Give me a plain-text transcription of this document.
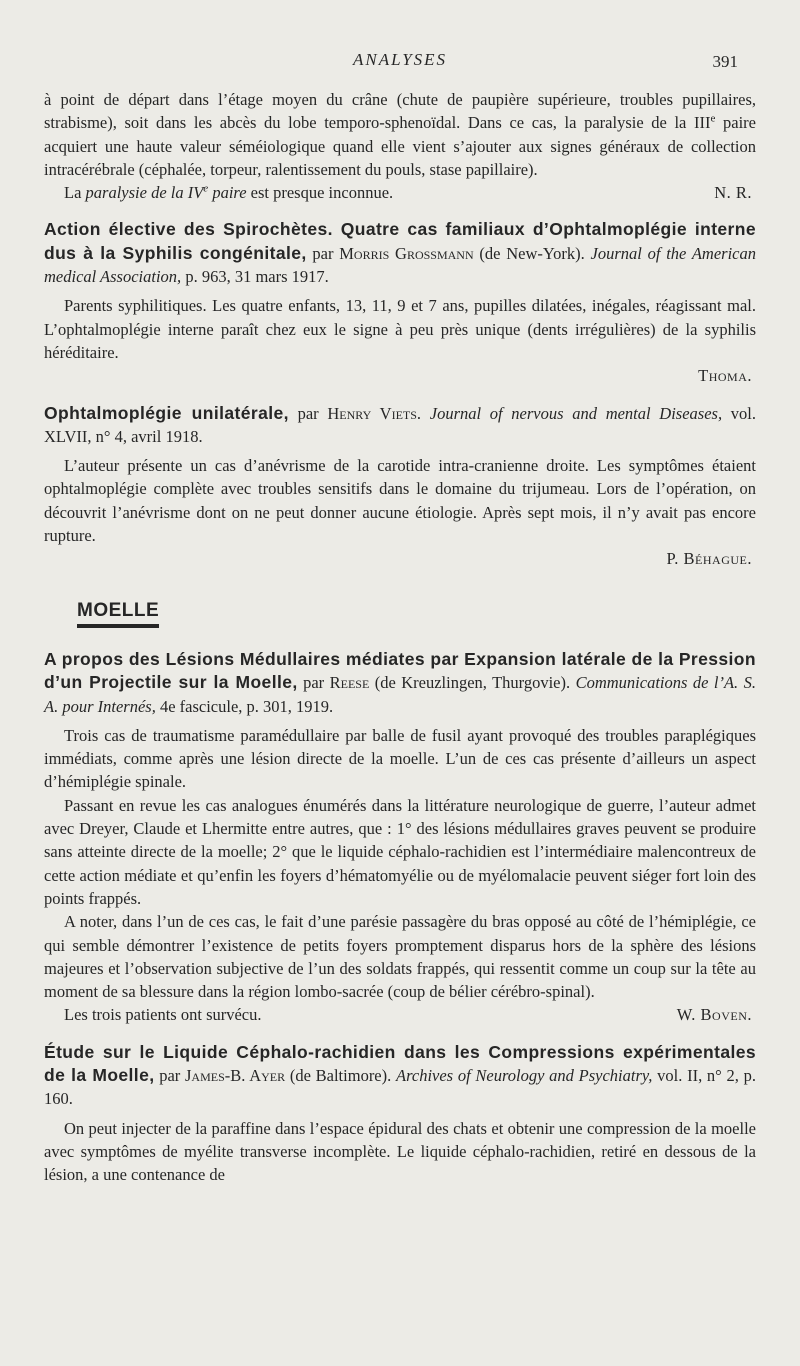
ANALYSES	391

à point de départ dans l’étage moyen du crâne (chute de paupière supérieure, troubles pupillaires, strabisme), soit dans les abcès du lobe temporo-sphenoïdal. Dans ce cas, la paralysie de la IIIe paire acquiert une haute valeur séméiologique quand elle vient s’ajouter aux signes généraux de collection intracérébrale (céphalée, torpeur, ralentissement du pouls, stase papillaire).

N. R.
La paralysie de la IVe paire est presque inconnue.

Action élective des Spirochètes. Quatre cas familiaux d’Ophtalmoplégie interne dus à la Syphilis congénitale, par Morris Grossmann (de New-York). Journal of the American medical Association, p. 963, 31 mars 1917.

Parents syphilitiques. Les quatre enfants, 13, 11, 9 et 7 ans, pupilles dilatées, inégales, réagissant mal. L’ophtalmoplégie interne paraît chez eux le signe à peu près unique (dents irrégulières) de la syphilis héréditaire.

Thoma.

Ophtalmoplégie unilatérale, par Henry Viets. Journal of nervous and mental Diseases, vol. XLVII, n° 4, avril 1918.

L’auteur présente un cas d’anévrisme de la carotide intra-cranienne droite. Les symptômes étaient ophtalmoplégie complète avec troubles sensitifs dans le domaine du trijumeau. Lors de l’opération, on découvrit l’anévrisme dont on ne peut donner aucune étiologie. Après sept mois, il n’y avait pas encore rupture.

P. Béhague.
MOELLE

A propos des Lésions Médullaires médiates par Expansion latérale de la Pression d’un Projectile sur la Moelle, par Reese (de Kreuzlingen, Thurgovie). Communications de l’A. S. A. pour Internés, 4e fascicule, p. 301, 1919.

Trois cas de traumatisme paramédullaire par balle de fusil ayant provoqué des troubles paraplégiques immédiats, comme après une lésion directe de la moelle. L’un de ces cas présente d’ailleurs un aspect d’hémiplégie spinale.

Passant en revue les cas analogues énumérés dans la littérature neurologique de guerre, l’auteur admet avec Dreyer, Claude et Lhermitte entre autres, que : 1° des lésions médullaires graves peuvent se produire sans atteinte directe de la moelle; 2° que le liquide céphalo-rachidien est l’intermédiaire malencontreux de cette action médiate et qu’enfin les foyers d’hématomyélie ou de myélomalacie peuvent siéger fort loin des points frappés.

A noter, dans l’un de ces cas, le fait d’une parésie passagère du bras opposé au côté de l’hémiplégie, ce qui semble démontrer l’existence de petits foyers promptement disparus hors de la sphère des lésions majeures et l’observation subjective de l’un des soldats frappés, qui ressentit comme un coup sur la tête au moment de sa blessure dans la région lombo-sacrée (coup de bélier cérébro-spinal).

W. Boven.
Les trois patients ont survécu.

Étude sur le Liquide Céphalo-rachidien dans les Compressions expérimentales de la Moelle, par James-B. Ayer (de Baltimore). Archives of Neurology and Psychiatry, vol. II, n° 2, p. 160.

On peut injecter de la paraffine dans l’espace épidural des chats et obtenir une compression de la moelle avec symptômes de myélite transverse incomplète. Le liquide céphalo-rachidien, retiré en dessous de la lésion, a une contenance de
